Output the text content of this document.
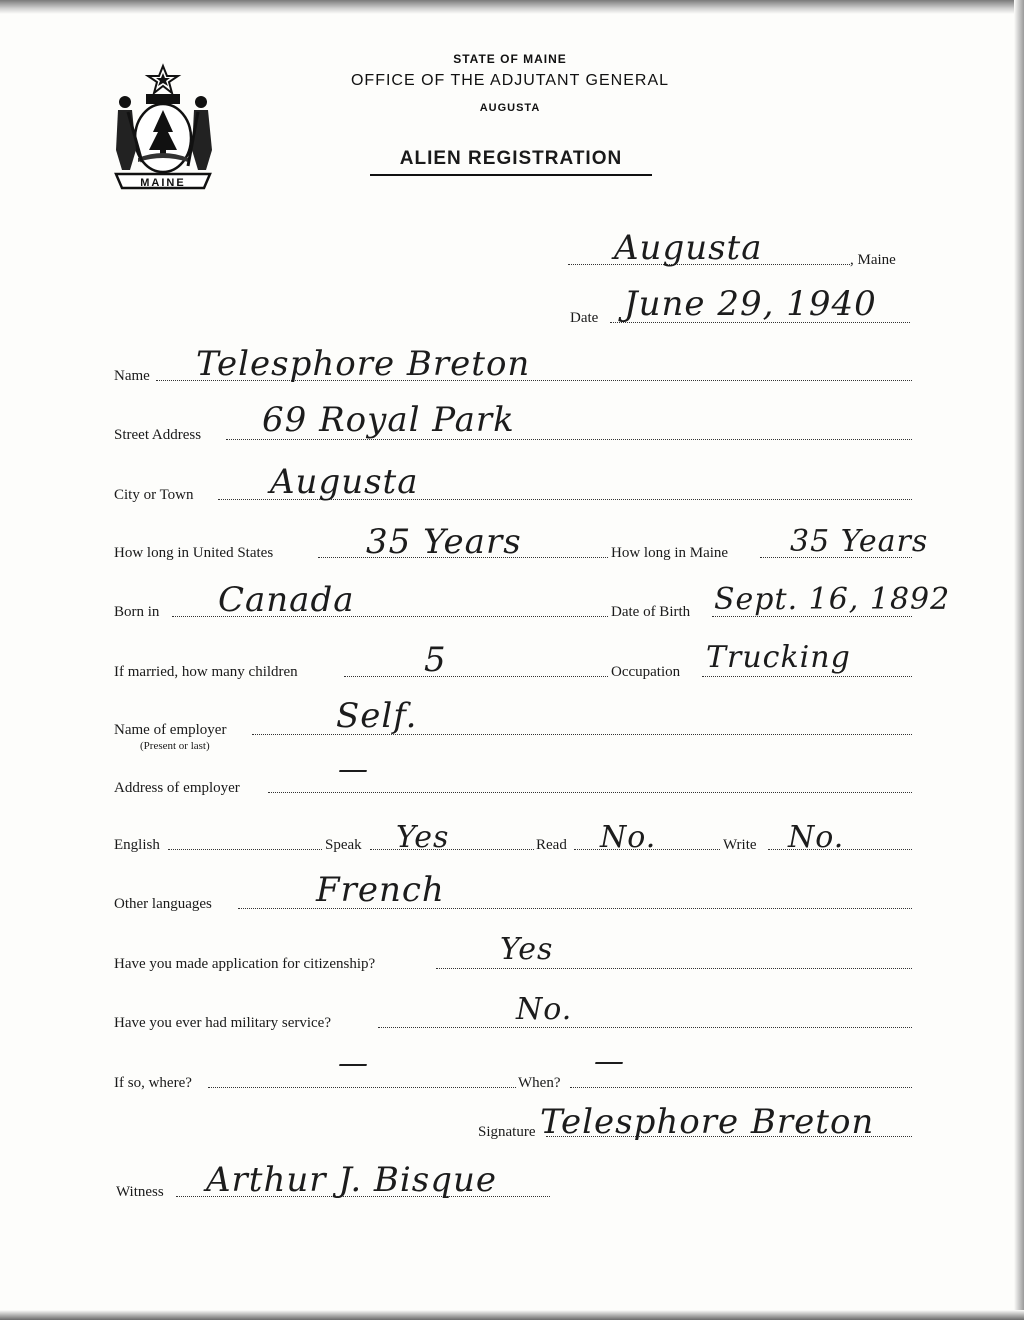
MAINE
STATE OF MAINE
OFFICE OF THE ADJUTANT GENERAL
AUGUSTA
ALIEN REGISTRATION
Augusta	, Maine
Date June 29, 1940
Name Telesphore Breton
Street Address 69 Royal Park
City or Town Augusta
How long in United States	35 Years	How long in Maine 35 Years
Born in Canada	Date of Birth Sept. 16, 1892
If married, how many children	5	Occupation Trucking
Name of employer
(Present or last)
Self.
Address of employer
—
English	Speak Yes	Read No.	Write No.
Other languages	French
Have you made application for citizenship?	Yes
Have you ever had military service?	No.
If so, where?
—
When?
—
Signature Telesphore Breton
Witness Arthur J. Bisque
